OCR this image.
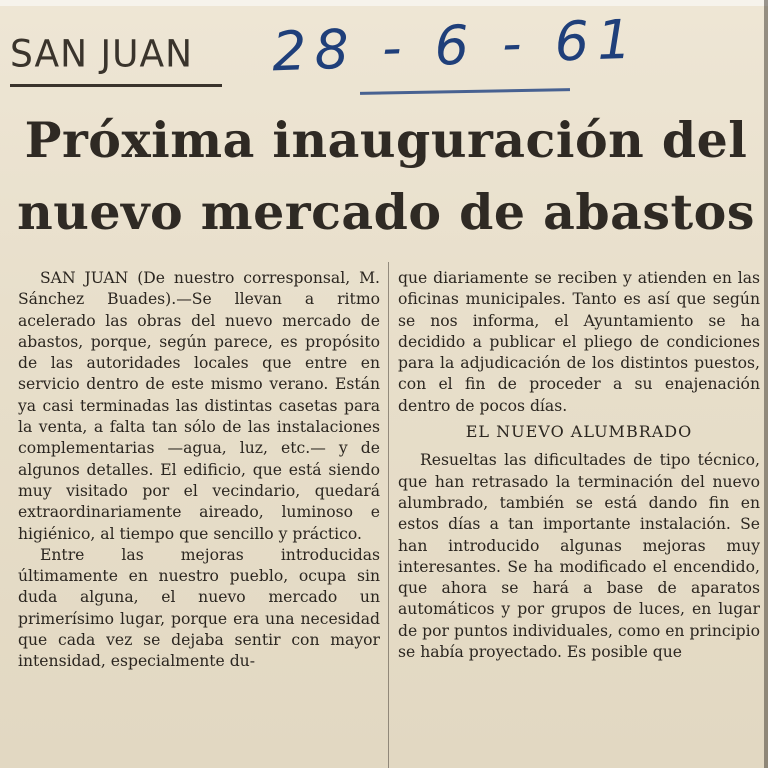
SAN JUAN 28 - 6 - 61
Próxima inauguración del
nuevo mercado de abastos

SAN JUAN (De nuestro corresponsal, M. Sánchez Buades).—Se llevan a ritmo acelerado las obras del nuevo mercado de abastos, porque, según parece, es propósito de las autoridades locales que entre en servicio dentro de este mismo verano. Están ya casi terminadas las distintas casetas para la venta, a falta tan sólo de las instalaciones complementarias —agua, luz, etc.— y de algunos detalles. El edificio, que está siendo muy visitado por el vecindario, quedará extraordinariamente aireado, luminoso e higiénico, al tiempo que sencillo y práctico.

Entre las mejoras introducidas últimamente en nuestro pueblo, ocupa sin duda alguna, el nuevo mercado un primerísimo lugar, porque era una necesidad que cada vez se dejaba sentir con mayor intensidad, especialmente du-

que diariamente se reciben y atienden en las oficinas municipales. Tanto es así que según se nos informa, el Ayuntamiento se ha decidido a publicar el pliego de condiciones para la adjudicación de los distintos puestos, con el fin de proceder a su enajenación dentro de pocos días.

EL NUEVO ALUMBRADO

Resueltas las dificultades de tipo técnico, que han retrasado la terminación del nuevo alumbrado, también se está dando fin en estos días a tan importante instalación. Se han introducido algunas mejoras muy interesantes. Se ha modificado el encendido, que ahora se hará a base de aparatos automáticos y por grupos de luces, en lugar de por puntos individuales, como en principio se había proyectado. Es posible que
